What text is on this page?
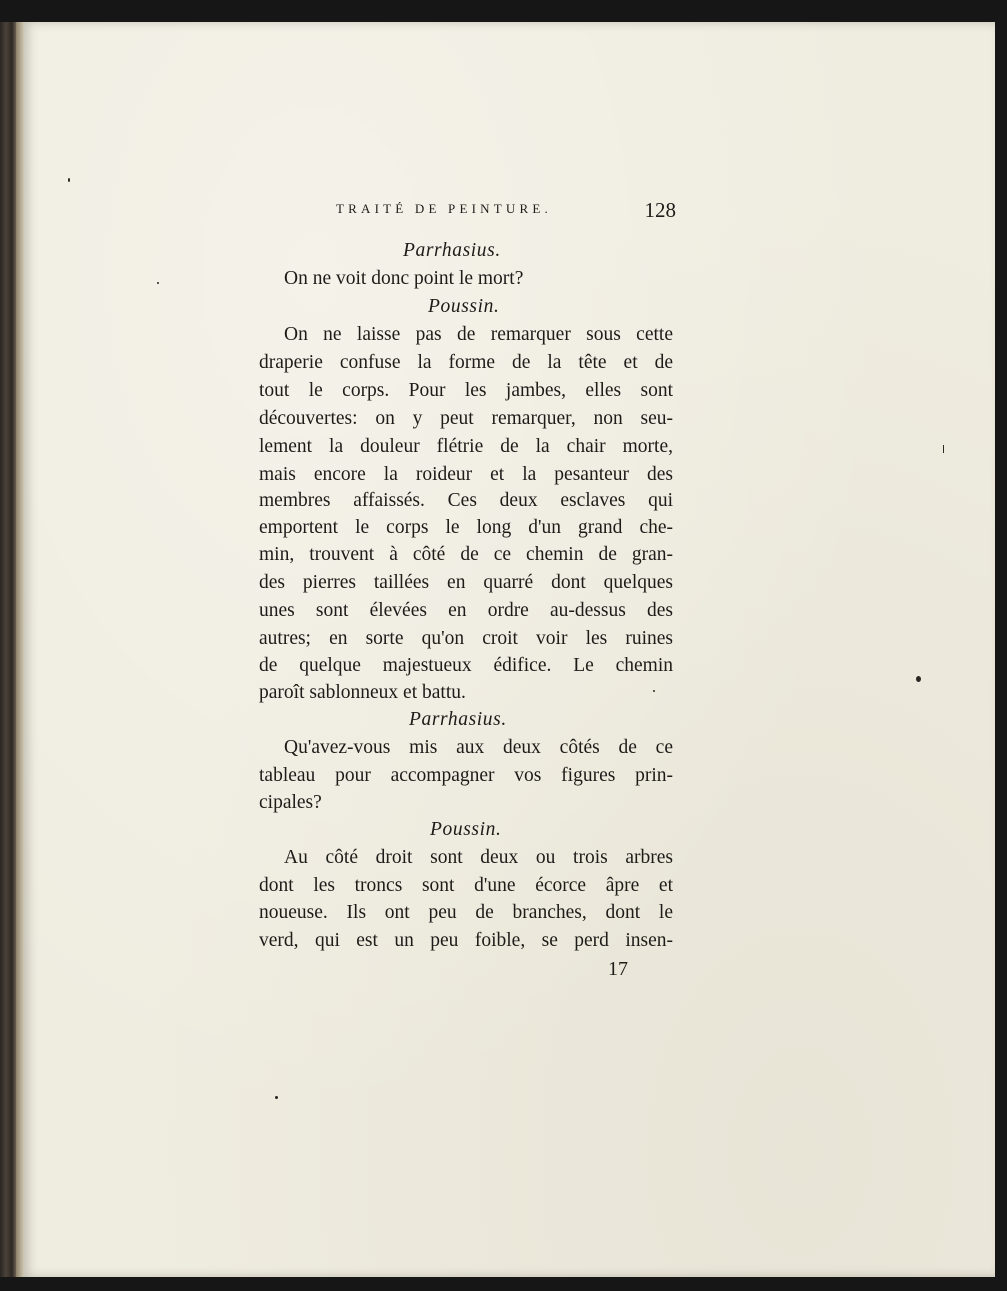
TRAITÉ DE PEINTURE.	128
Parrhasius.
On ne voit donc point le mort?
Poussin.
On ne laisse pas de remarquer sous cette
draperie confuse la forme de la tête et de
tout le corps. Pour les jambes, elles sont
découvertes: on y peut remarquer, non seu-
lement la douleur flétrie de la chair morte,
mais encore la roideur et la pesanteur des
membres affaissés. Ces deux esclaves qui
emportent le corps le long d'un grand che-
min, trouvent à côté de ce chemin de gran-
des pierres taillées en quarré dont quelques
unes sont élevées en ordre au-dessus des
autres; en sorte qu'on croit voir les ruines
de quelque majestueux édifice. Le chemin
paroît sablonneux et battu.
Parrhasius.
Qu'avez-vous mis aux deux côtés de ce
tableau pour accompagner vos figures prin-
cipales?
Poussin.
Au côté droit sont deux ou trois arbres
dont les troncs sont d'une écorce âpre et
noueuse. Ils ont peu de branches, dont le
verd, qui est un peu foible, se perd insen-
17
